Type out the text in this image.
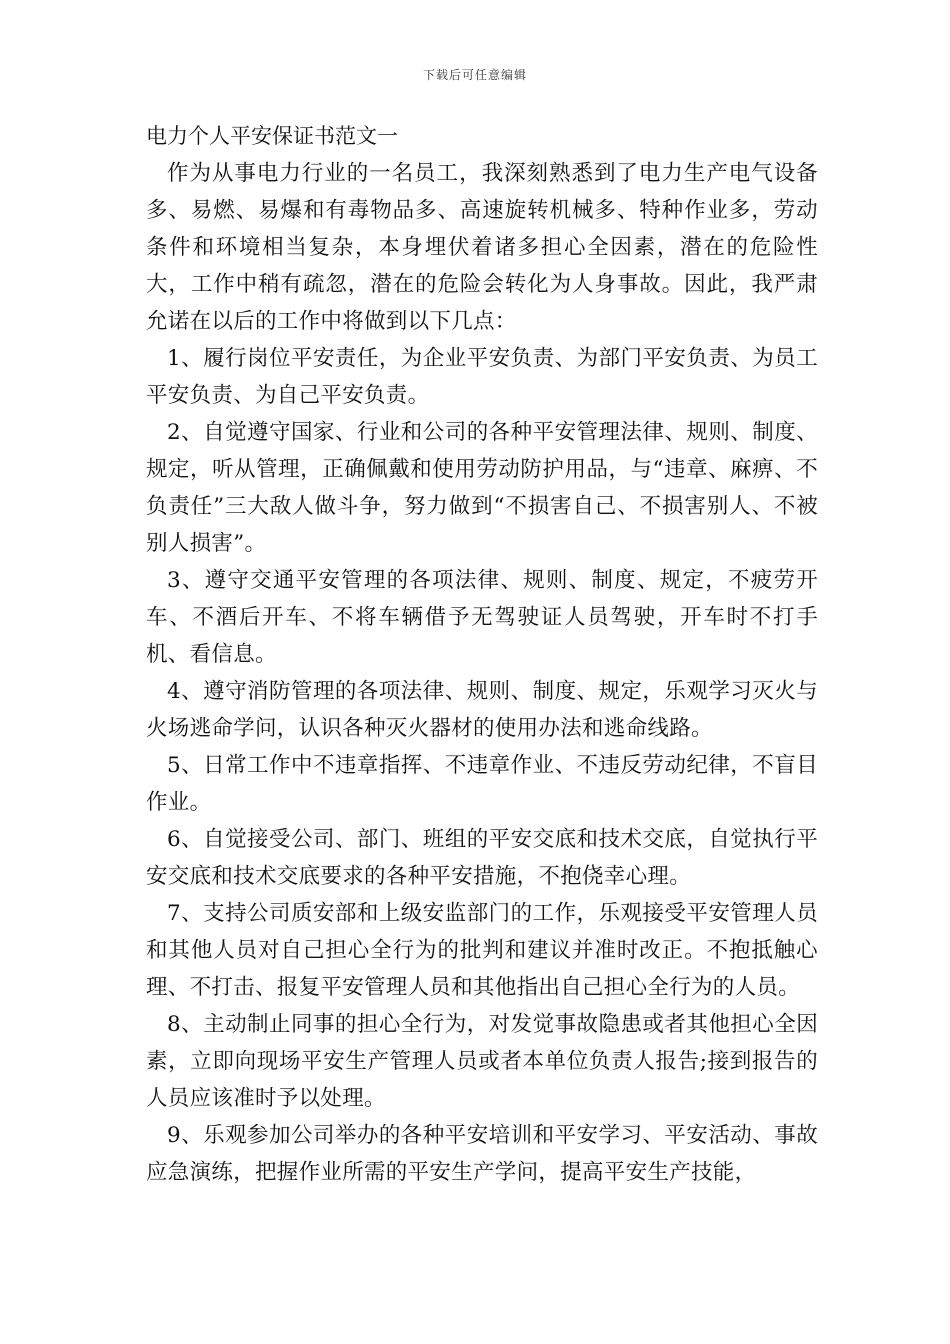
下载后可任意编辑
电力个人平安保证书范文一

作为从事电力行业的一名员工，我深刻熟悉到了电力生产电气设备多、易燃、易爆和有毒物品多、高速旋转机械多、特种作业多，劳动条件和环境相当复杂，本身埋伏着诸多担心全因素，潜在的危险性大，工作中稍有疏忽，潜在的危险会转化为人身事故。因此，我严肃允诺在以后的工作中将做到以下几点：

1、履行岗位平安责任，为企业平安负责、为部门平安负责、为员工平安负责、为自己平安负责。

2、自觉遵守国家、行业和公司的各种平安管理法律、规则、制度、规定，听从管理，正确佩戴和使用劳动防护用品，与“违章、麻痹、不负责任”三大敌人做斗争，努力做到“不损害自己、不损害别人、不被别人损害”。

3、遵守交通平安管理的各项法律、规则、制度、规定，不疲劳开车、不酒后开车、不将车辆借予无驾驶证人员驾驶，开车时不打手机、看信息。

4、遵守消防管理的各项法律、规则、制度、规定，乐观学习灭火与火场逃命学问，认识各种灭火器材的使用办法和逃命线路。

5、日常工作中不违章指挥、不违章作业、不违反劳动纪律，不盲目作业。

6、自觉接受公司、部门、班组的平安交底和技术交底，自觉执行平安交底和技术交底要求的各种平安措施，不抱侥幸心理。

7、支持公司质安部和上级安监部门的工作，乐观接受平安管理人员和其他人员对自己担心全行为的批判和建议并准时改正。不抱抵触心理、不打击、报复平安管理人员和其他指出自己担心全行为的人员。

8、主动制止同事的担心全行为，对发觉事故隐患或者其他担心全因素，立即向现场平安生产管理人员或者本单位负责人报告;接到报告的人员应该准时予以处理。

9、乐观参加公司举办的各种平安培训和平安学习、平安活动、事故应急演练，把握作业所需的平安生产学问，提高平安生产技能，
